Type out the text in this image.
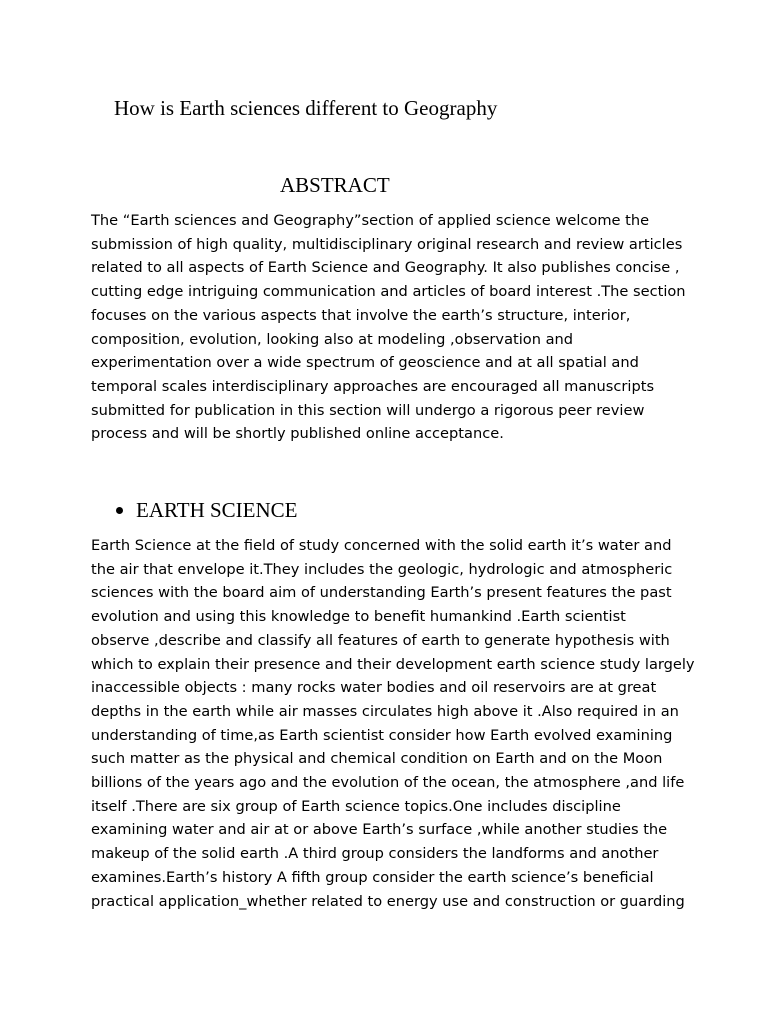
How is Earth sciences different to Geography
ABSTRACT
The “Earth sciences and Geography”section of applied science welcome the
submission of high quality, multidisciplinary original research and review articles
related to all aspects of Earth Science and Geography. It also publishes concise ,
cutting edge intriguing communication and articles of board interest .The section
focuses on the various aspects that involve the earth’s structure, interior,
composition, evolution, looking also at modeling ,observation and
experimentation over a wide spectrum of geoscience and at all spatial and
temporal scales interdisciplinary approaches are encouraged all manuscripts
submitted for publication in this section will undergo a rigorous peer review
process and will be shortly published online acceptance.
EARTH SCIENCE
Earth Science at the field of study concerned with the solid earth it’s water and
the air that envelope it.They includes the geologic, hydrologic and atmospheric
sciences with the board aim of understanding Earth’s present features the past
evolution and using this knowledge to benefit humankind .Earth scientist
observe ,describe and classify all features of earth to generate hypothesis with
which to explain their presence and their development earth science study largely
inaccessible objects : many rocks water bodies and oil reservoirs are at great
depths in the earth while air masses circulates high above it .Also required in an
understanding of time,as Earth scientist consider how Earth evolved examining
such matter as the physical and chemical condition on Earth and on the Moon
billions of the years ago and the evolution of the ocean, the atmosphere ,and life
itself .There are six group of Earth science topics.One includes discipline
examining water and air at or above Earth’s surface ,while another studies the
makeup of the solid earth .A third group considers the landforms and another
examines.Earth’s history A fifth group consider the earth science’s beneficial
practical application_whether related to energy use and construction or guarding
